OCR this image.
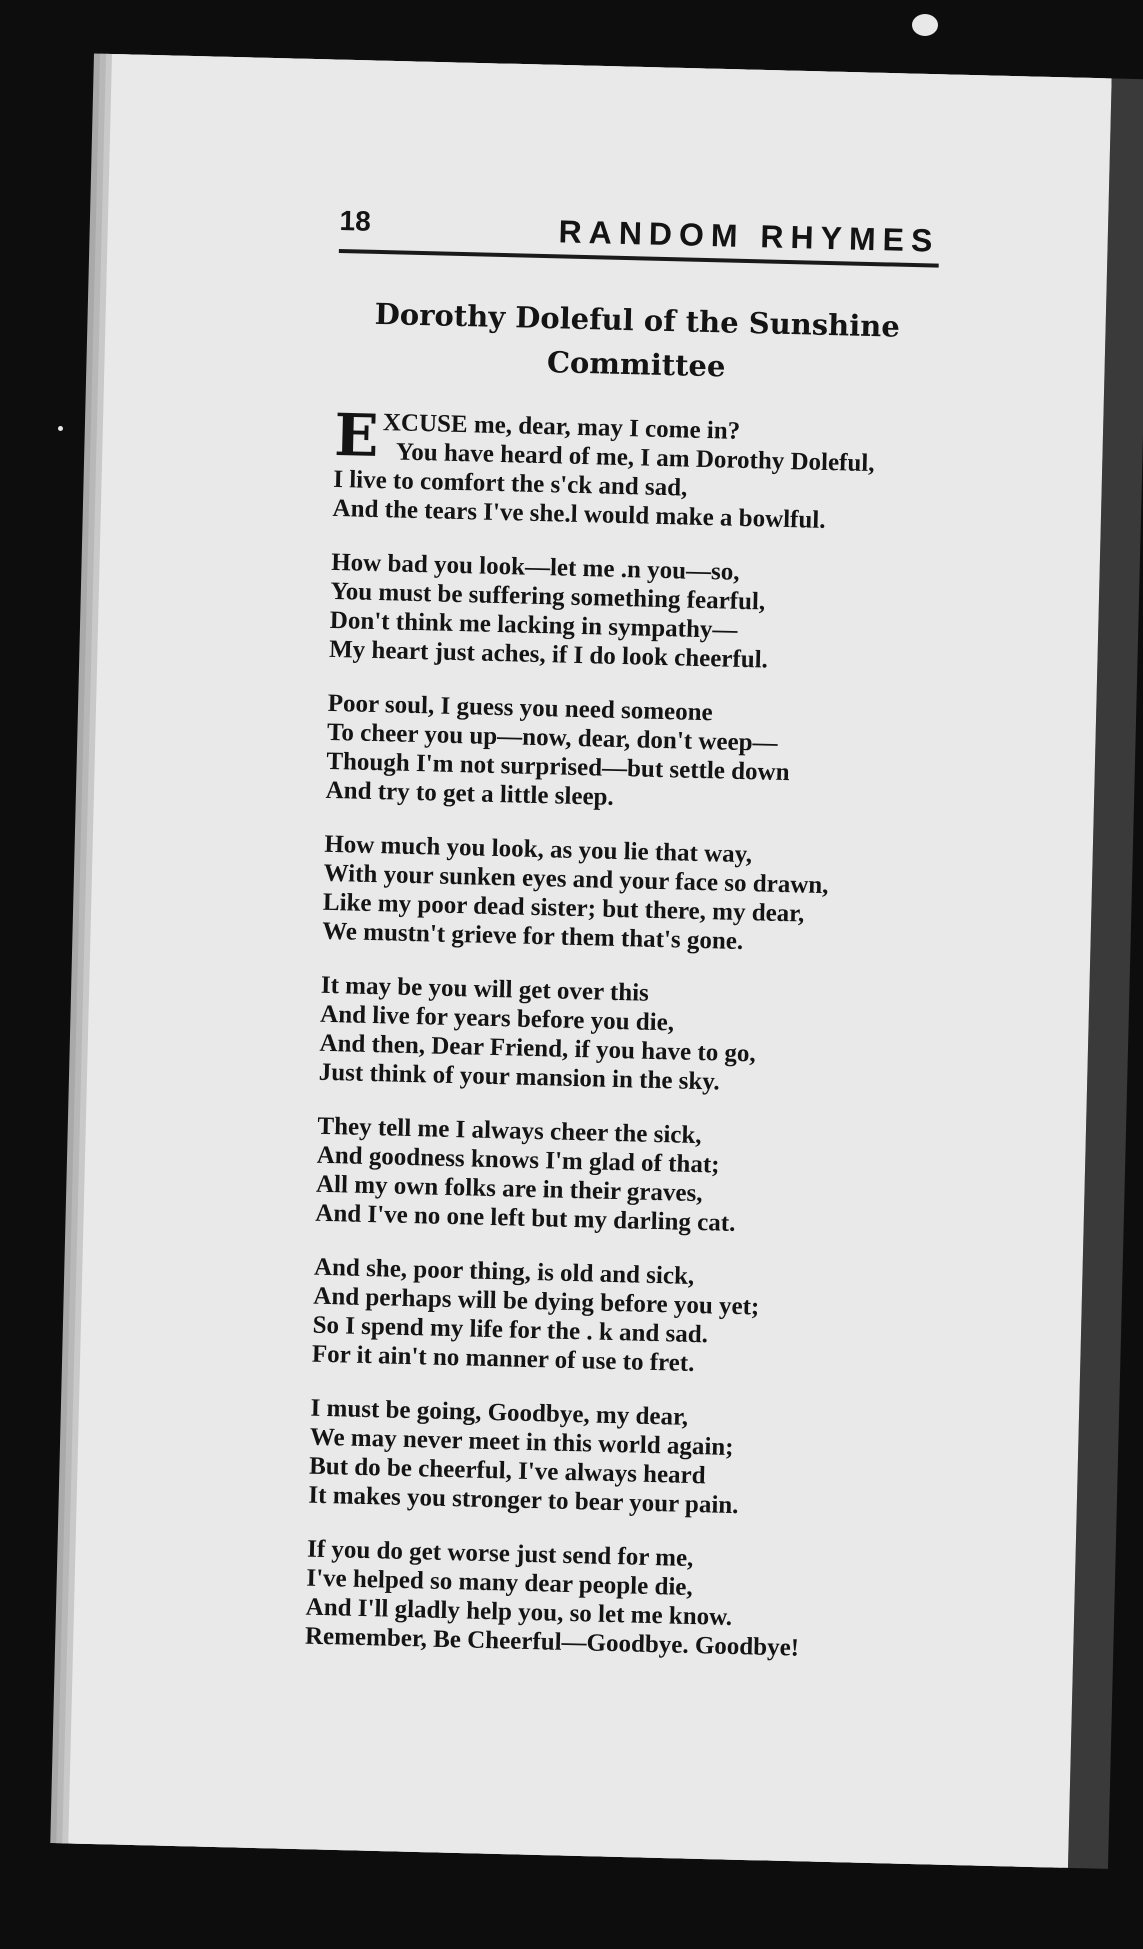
18	RANDOM RHYMES
Dorothy Doleful of the Sunshine
Committee
E XCUSE me, dear, may I come in?
You have heard of me, I am Dorothy Doleful,
I live to comfort the s'ck and sad,
And the tears I've she.l would make a bowlful.
How bad you look—let me .n you—so,
You must be suffering something fearful,
Don't think me lacking in sympathy—
My heart just aches, if I do look cheerful.
Poor soul, I guess you need someone
To cheer you up—now, dear, don't weep—
Though I'm not surprised—but settle down
And try to get a little sleep.
How much you look, as you lie that way,
With your sunken eyes and your face so drawn,
Like my poor dead sister; but there, my dear,
We mustn't grieve for them that's gone.
It may be you will get over this
And live for years before you die,
And then, Dear Friend, if you have to go,
Just think of your mansion in the sky.
They tell me I always cheer the sick,
And goodness knows I'm glad of that;
All my own folks are in their graves,
And I've no one left but my darling cat.
And she, poor thing, is old and sick,
And perhaps will be dying before you yet;
So I spend my life for the . k and sad.
For it ain't no manner of use to fret.
I must be going, Goodbye, my dear,
We may never meet in this world again;
But do be cheerful, I've always heard
It makes you stronger to bear your pain.
If you do get worse just send for me,
I've helped so many dear people die,
And I'll gladly help you, so let me know.
Remember, Be Cheerful—Goodbye. Goodbye!
